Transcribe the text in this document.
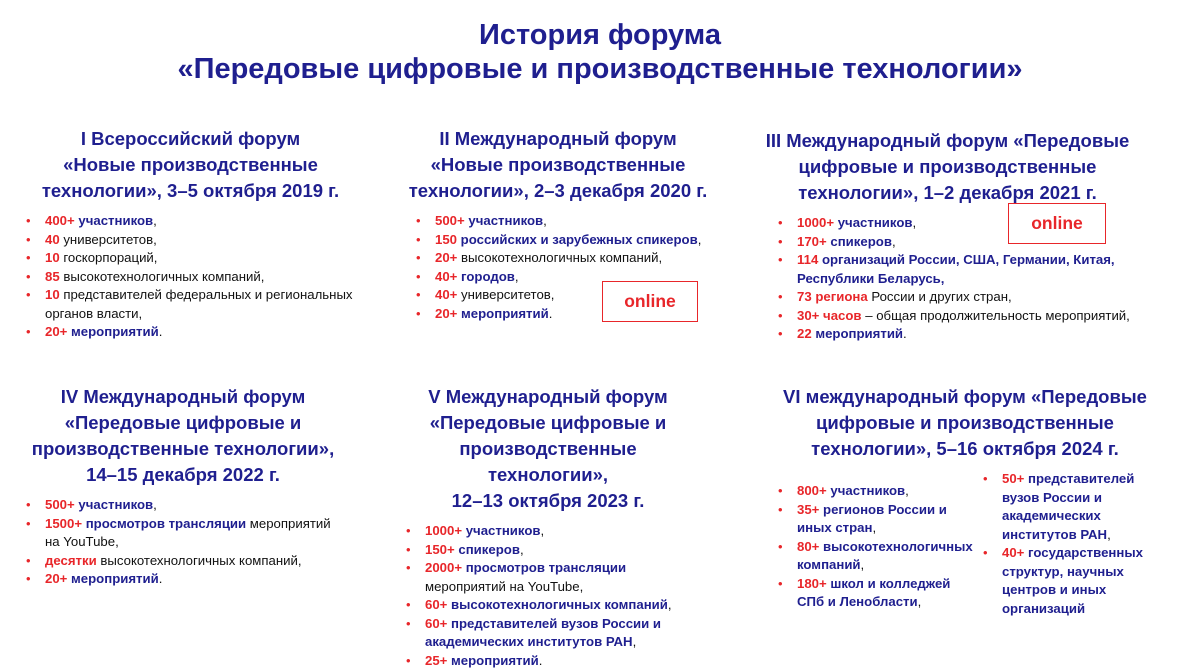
История форума
«Передовые цифровые и производственные технологии»
I Всероссийский форум
«Новые производственные
технологии», 3–5 октября 2019 г.
• 400+ участников,
• 40 университетов,
• 10 госкорпораций,
• 85 высокотехнологичных компаний,
• 10 представителей федеральных и региональных органов власти,
• 20+ мероприятий.
II Международный форум
«Новые производственные
технологии», 2–3 декабря 2020 г.
• 500+ участников,
• 150 российских и зарубежных спикеров,
• 20+ высокотехнологичных компаний,
• 40+ городов,
• 40+ университетов,
• 20+ мероприятий.
online
III Международный форум «Передовые
цифровые и производственные
технологии», 1–2 декабря 2021 г.
• 1000+ участников,
• 170+ спикеров,
• 114 организаций России, США, Германии, Китая, Республики Беларусь,
• 73 региона России и других стран,
• 30+ часов – общая продолжительность мероприятий,
• 22 мероприятий.
online
IV Международный форум
«Передовые цифровые и
производственные технологии»,
14–15 декабря 2022 г.
• 500+ участников,
• 1500+ просмотров трансляции мероприятий на YouTube,
• десятки высокотехнологичных компаний,
• 20+ мероприятий.
V Международный форум
«Передовые цифровые и
производственные технологии»,
12–13 октября 2023 г.
• 1000+ участников,
• 150+ спикеров,
• 2000+ просмотров трансляции мероприятий на YouTube,
• 60+ высокотехнологичных компаний,
• 60+ представителей вузов России и академических институтов РАН,
• 25+ мероприятий.
VI международный форум «Передовые
цифровые и производственные
технологии», 5–16 октября 2024 г.
• 800+ участников,
• 35+ регионов России и иных стран,
• 80+ высокотехнологичных компаний,
• 180+ школ и колледжей СПб и Ленобласти,
• 50+ представителей вузов России и академических институтов РАН,
• 40+ государственных структур, научных центров и иных организаций
